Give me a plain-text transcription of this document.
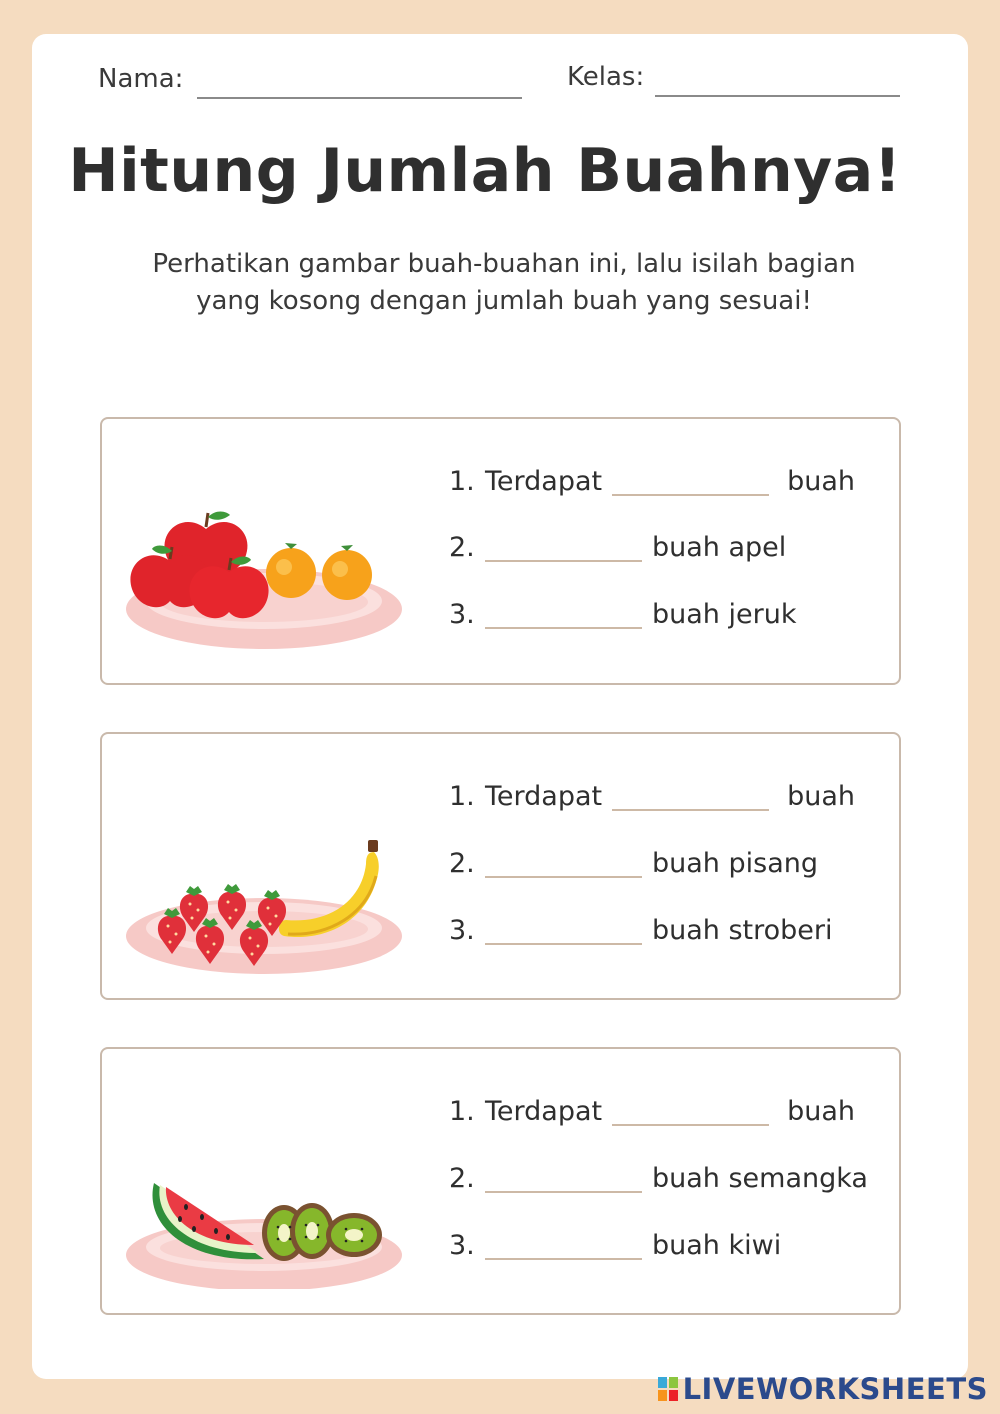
Nama:	Kelas:
Hitung Jumlah Buahnya!
Perhatikan gambar buah-buahan ini, lalu isilah bagian
yang kosong dengan jumlah buah yang sesuai!
1. Terdapat	buah
2.	buah apel
3.	buah jeruk
1. Terdapat	buah
2.	buah pisang
3.	buah stroberi
1. Terdapat	buah
2.	buah semangka
3.	buah kiwi
LIVEWORKSHEETS
